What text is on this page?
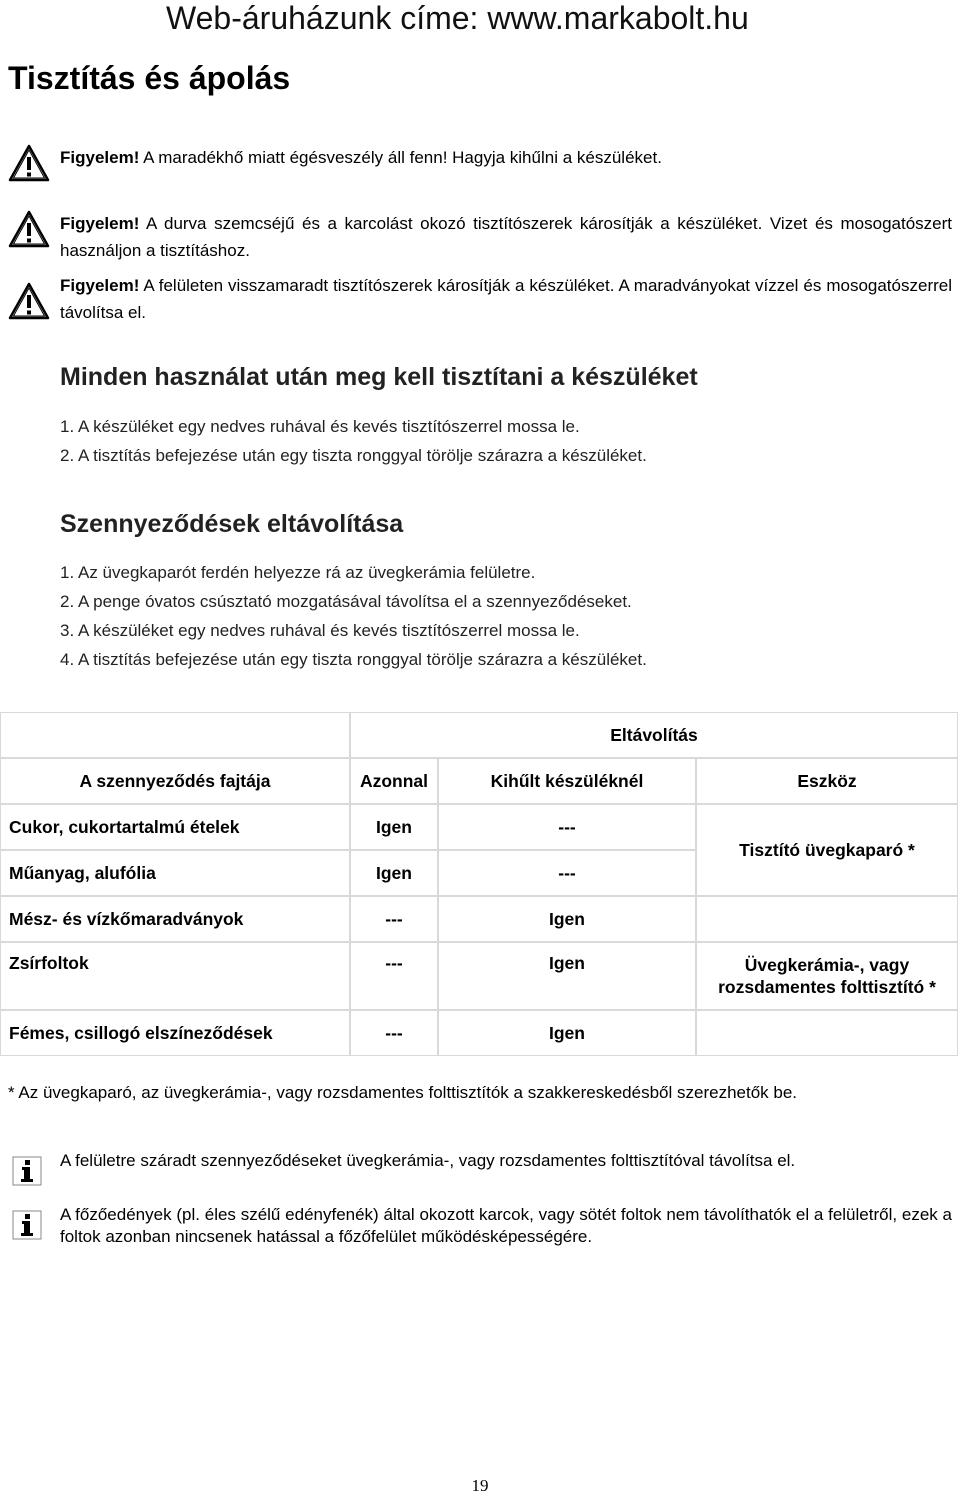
Web-áruházunk címe: www.markabolt.hu
Tisztítás és ápolás
Figyelem! A maradékhő miatt égésveszély áll fenn! Hagyja kihűlni a készüléket.
Figyelem! A durva szemcséjű és a karcolást okozó tisztítószerek károsítják a készüléket. Vizet és mosogatószert használjon a tisztításhoz.
Figyelem! A felületen visszamaradt tisztítószerek károsítják a készüléket. A maradványokat vízzel és mosogatószerrel távolítsa el.
Minden használat után meg kell tisztítani a készüléket
1. A készüléket egy nedves ruhával és kevés tisztítószerrel mossa le.
2. A tisztítás befejezése után egy tiszta ronggyal törölje szárazra a készüléket.
Szennyeződések eltávolítása
1. Az üvegkaparót ferdén helyezze rá az üvegkerámia felületre.
2. A penge óvatos csúsztató mozgatásával távolítsa el a szennyeződéseket.
3. A készüléket egy nedves ruhával és kevés tisztítószerrel mossa le.
4. A tisztítás befejezése után egy tiszta ronggyal törölje szárazra a készüléket.
	Eltávolítás		
A szennyeződés fajtája	Azonnal	Kihűlt készüléknél	Eszköz
Cukor, cukortartalmú ételek	Igen	---	Tisztító üvegkaparó *
Műanyag, alufólia	Igen	---	
Mész- és vízkőmaradványok	---	Igen	
Zsírfoltok	---	Igen	Üvegkerámia-, vagy rozsdamentes folttisztító *
Fémes, csillogó elszíneződések	---	Igen	
* Az üvegkaparó, az üvegkerámia-, vagy rozsdamentes folttisztítók a szakkereskedésből szerezhetők be.
A felületre száradt szennyeződéseket üvegkerámia-, vagy rozsdamentes folttisztítóval távolítsa el.
A főzőedények (pl. éles szélű edényfenék) által okozott karcok, vagy sötét foltok nem távolíthatók el a felületről, ezek a foltok azonban nincsenek hatással a főzőfelület működésképességére.
19
